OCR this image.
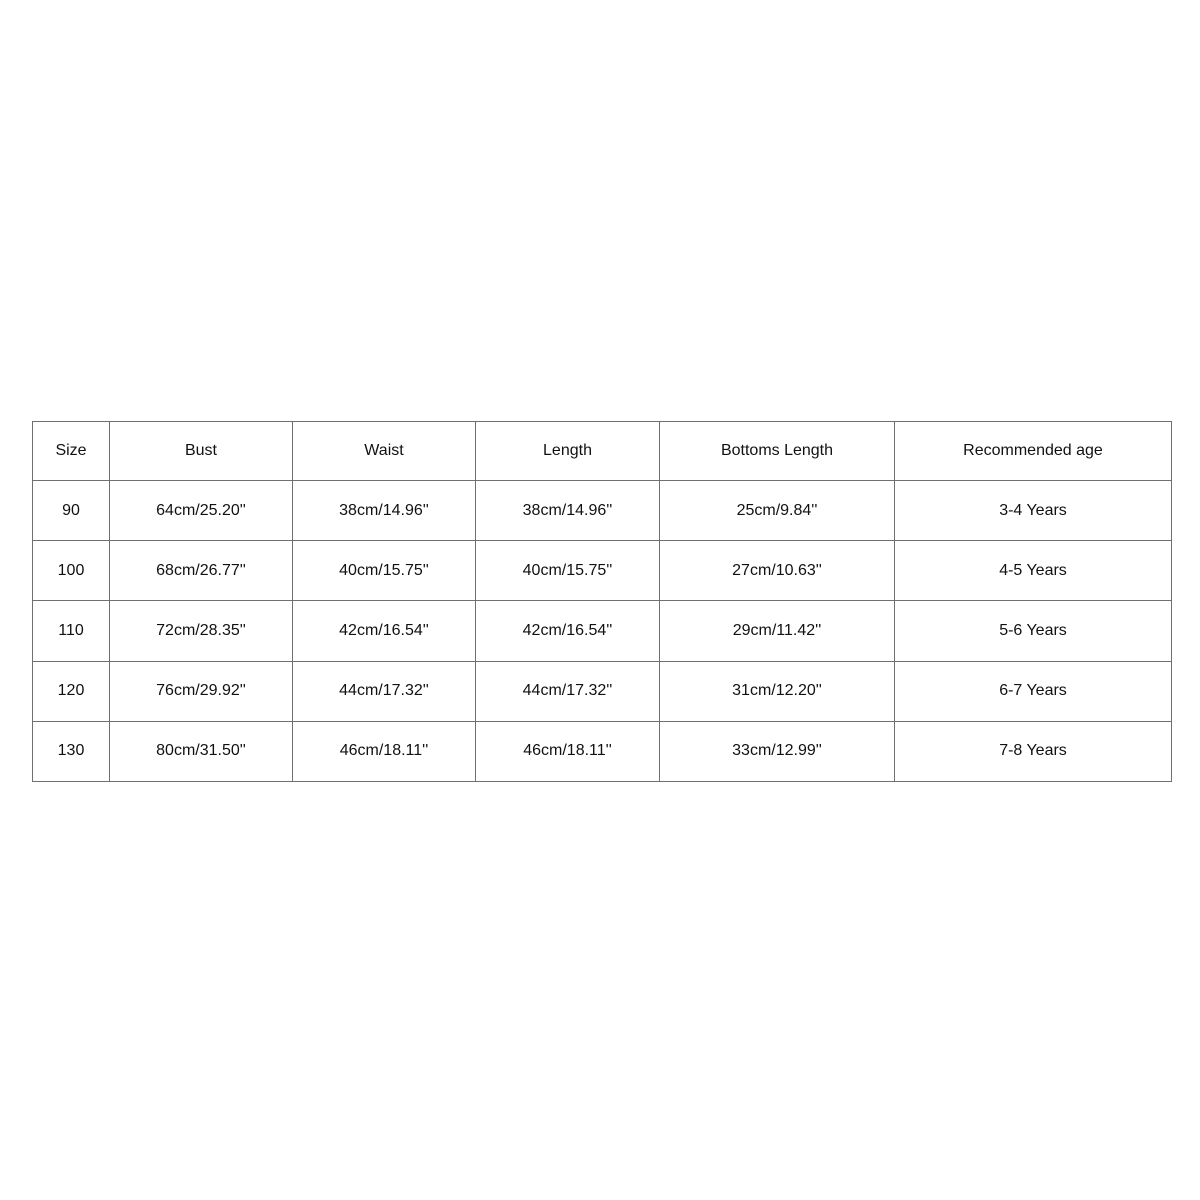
Size	Bust	Waist	Length	Bottoms Length	Recommended age
90	64cm/25.20''	38cm/14.96''	38cm/14.96''	25cm/9.84''	3-4 Years
100	68cm/26.77''	40cm/15.75''	40cm/15.75''	27cm/10.63''	4-5 Years
110	72cm/28.35''	42cm/16.54''	42cm/16.54''	29cm/11.42''	5-6 Years
120	76cm/29.92''	44cm/17.32''	44cm/17.32''	31cm/12.20''	6-7 Years
130	80cm/31.50''	46cm/18.11''	46cm/18.11''	33cm/12.99''	7-8 Years
